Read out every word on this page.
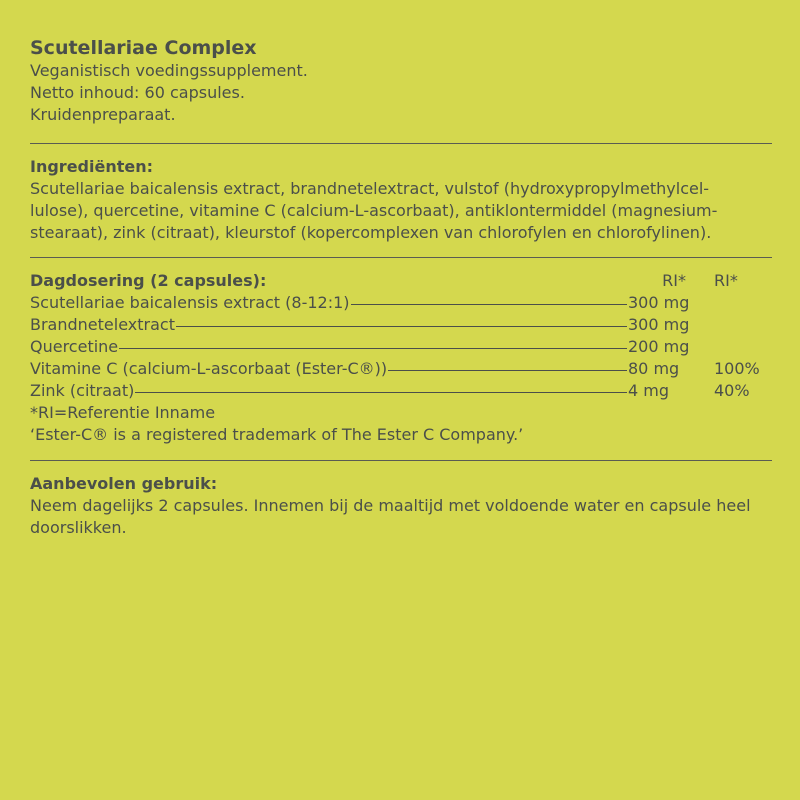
Scutellariae Complex
Veganistisch voedingssupplement.
Netto inhoud: 60 capsules.
Kruidenpreparaat.
Ingrediënten:
Scutellariae baicalensis extract, brandnetelextract, vulstof (hydroxypropylmethylcel-
lulose), quercetine, vitamine C (calcium-L-ascorbaat), antiklontermiddel (magnesium-
stearaat), zink (citraat), kleurstof (kopercomplexen van chlorofylen en chlorofylinen).
Dagdosering (2 capsules):	RI*	RI*
Scutellariae baicalensis extract (8-12:1)	300 mg
Brandnetelextract	300 mg
Quercetine	200 mg
Vitamine C (calcium-L-ascorbaat (Ester-C®))	80 mg	100%
Zink (citraat)	4 mg	40%
*RI=Referentie Inname
‘Ester-C® is a registered trademark of The Ester C Company.’
Aanbevolen gebruik:
Neem dagelijks 2 capsules. Innemen bij de maaltijd met voldoende water en capsule heel
doorslikken.
